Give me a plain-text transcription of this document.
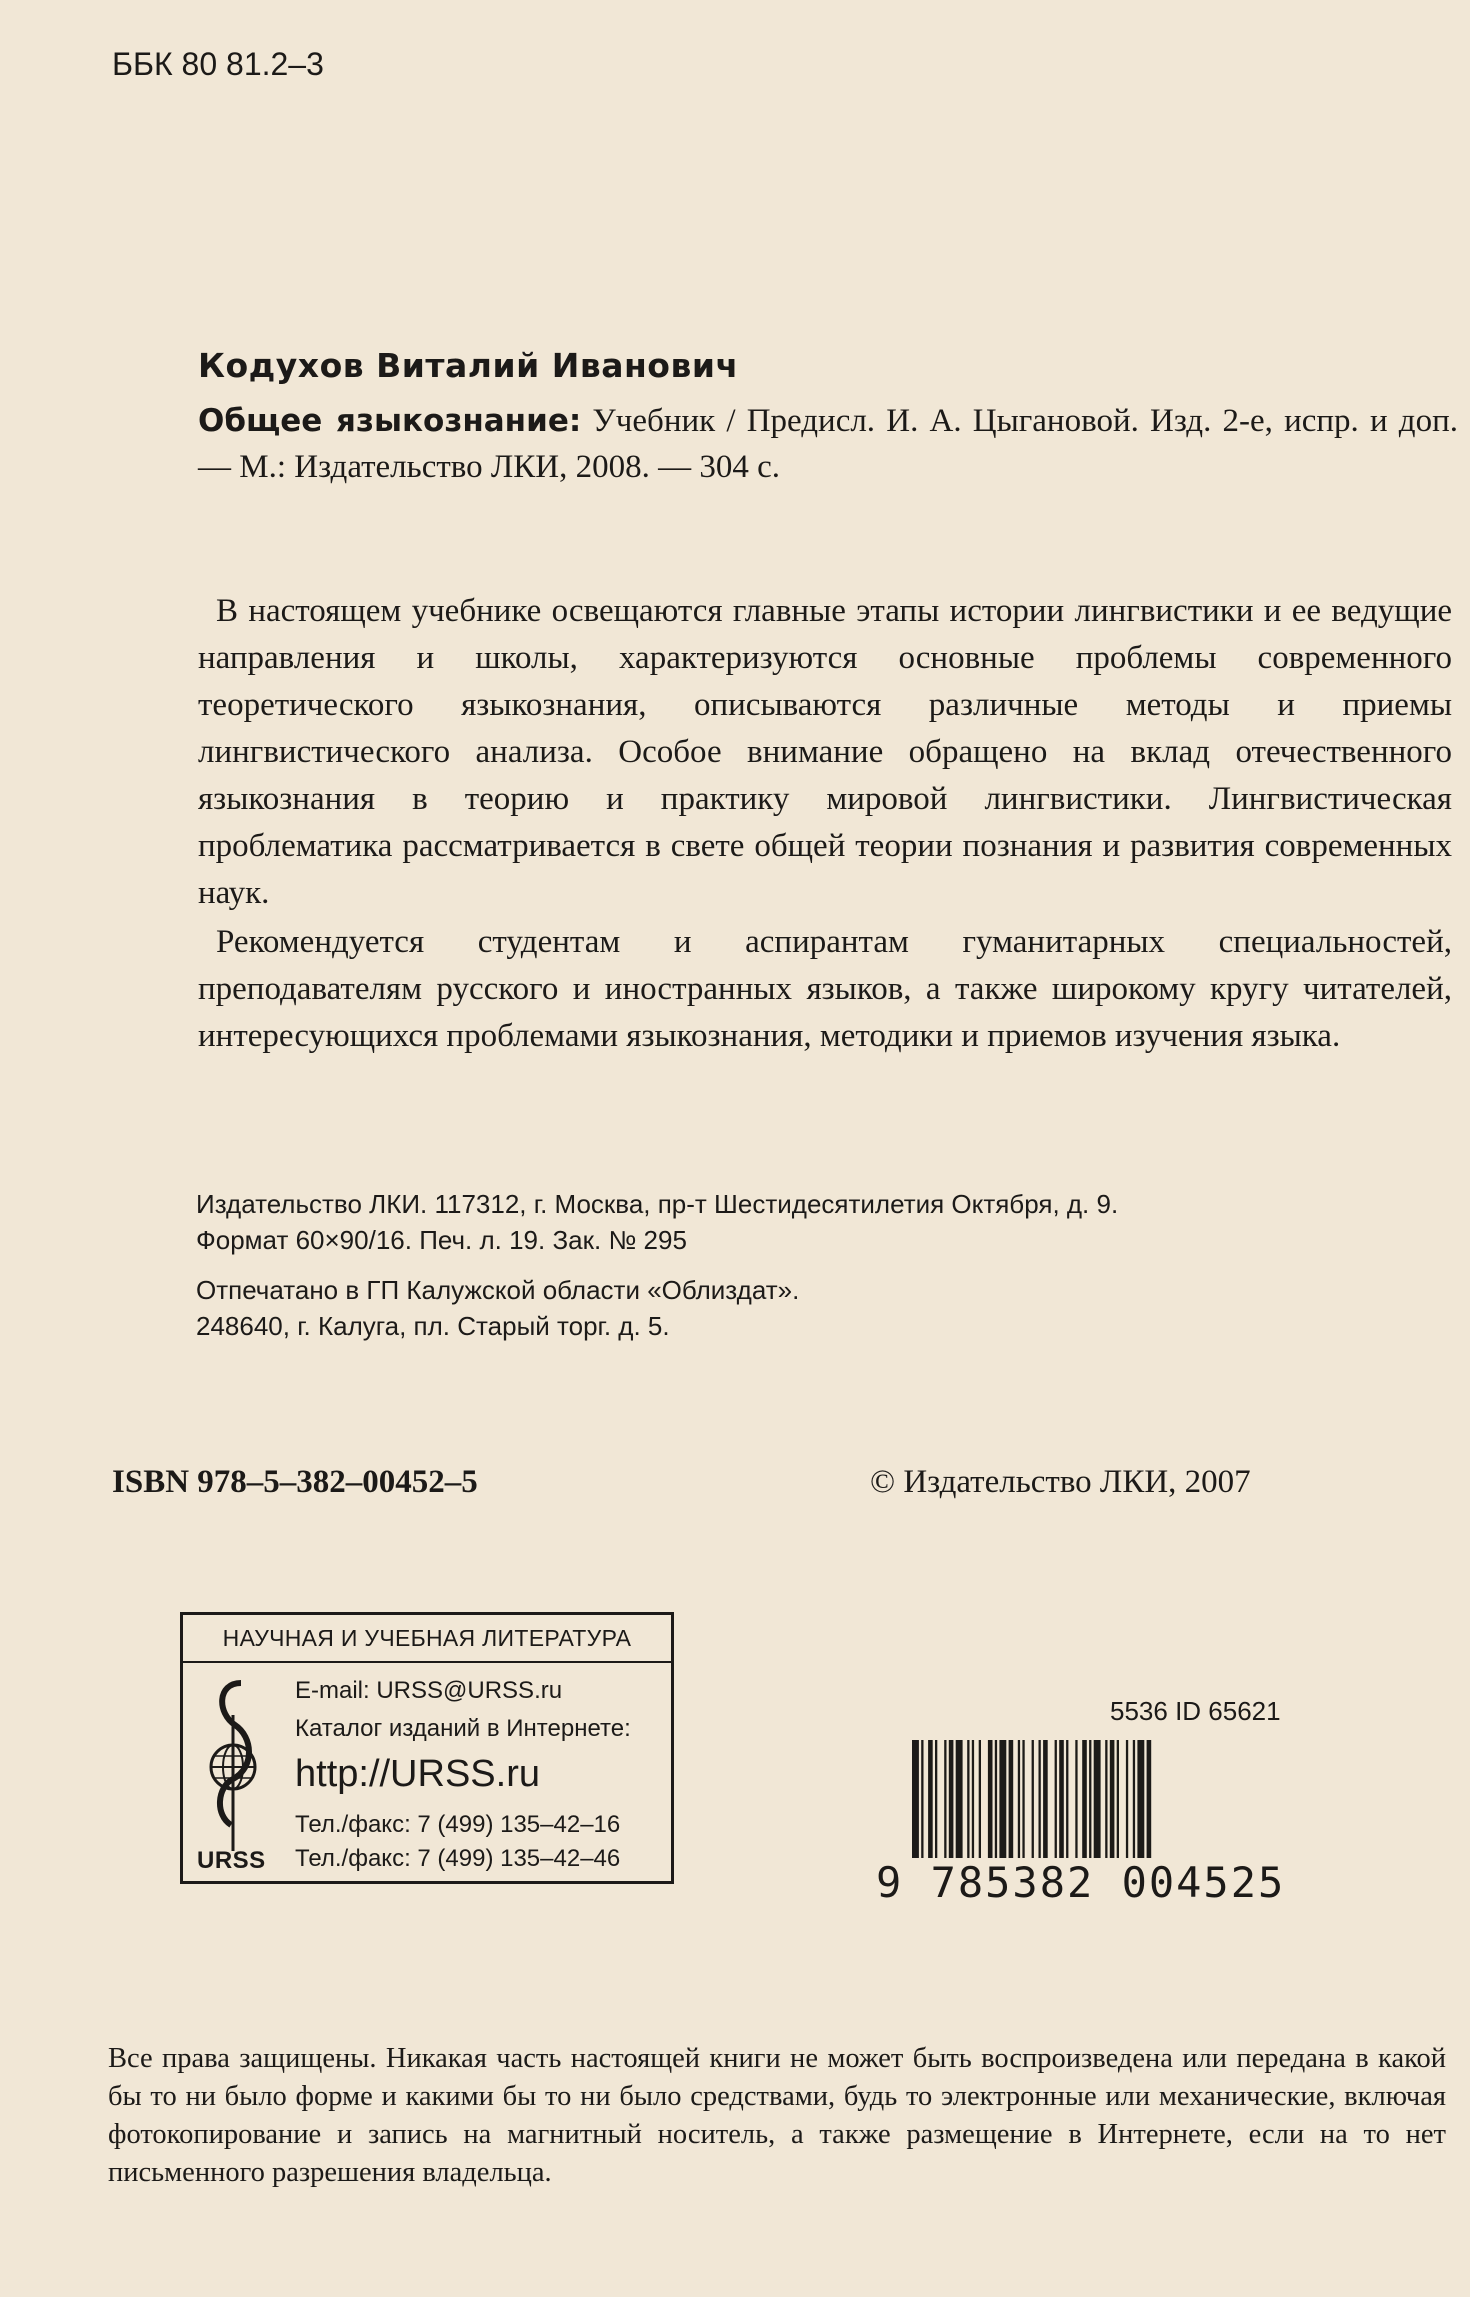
ББК 80 81.2–3
Кодухов Виталий Иванович
Общее языкознание: Учебник / Предисл. И. А. Цыгановой. Изд. 2-е, испр. и доп. — М.: Издательство ЛКИ, 2008. — 304 с.

В настоящем учебнике освещаются главные этапы истории лингвистики и ее ведущие направления и школы, характеризуются основные проблемы современного теоретического языкознания, описываются различные методы и приемы лингвистического анализа. Особое внимание обращено на вклад отечественного языкознания в теорию и практику мировой лингвистики. Лингвистическая проблематика рассматривается в свете общей теории познания и развития современных наук.

Рекомендуется студентам и аспирантам гуманитарных специальностей, преподавателям русского и иностранных языков, а также широкому кругу читателей, интересующихся проблемами языкознания, методики и приемов изучения языка.

Издательство ЛКИ. 117312, г. Москва, пр-т Шестидесятилетия Октября, д. 9.
Формат 60×90/16. Печ. л. 19. Зак. № 295
Отпечатано в ГП Калужской области «Облиздат».
248640, г. Калуга, пл. Старый торг. д. 5.
ISBN 978–5–382–00452–5	© Издательство ЛКИ, 2007
НАУЧНАЯ И УЧЕБНАЯ ЛИТЕРАТУРА
URSS
E-mail: URSS@URSS.ru
Каталог изданий в Интернете:
http://URSS.ru
Тел./факс: 7 (499) 135–42–16
Тел./факс: 7 (499) 135–42–46
5536 ID 65621
9 785382 004525

Все права защищены. Никакая часть настоящей книги не может быть воспроизведена или передана в какой бы то ни было форме и какими бы то ни было средствами, будь то электронные или механические, включая фотокопирование и запись на магнитный носитель, а также размещение в Интернете, если на то нет письменного разрешения владельца.
